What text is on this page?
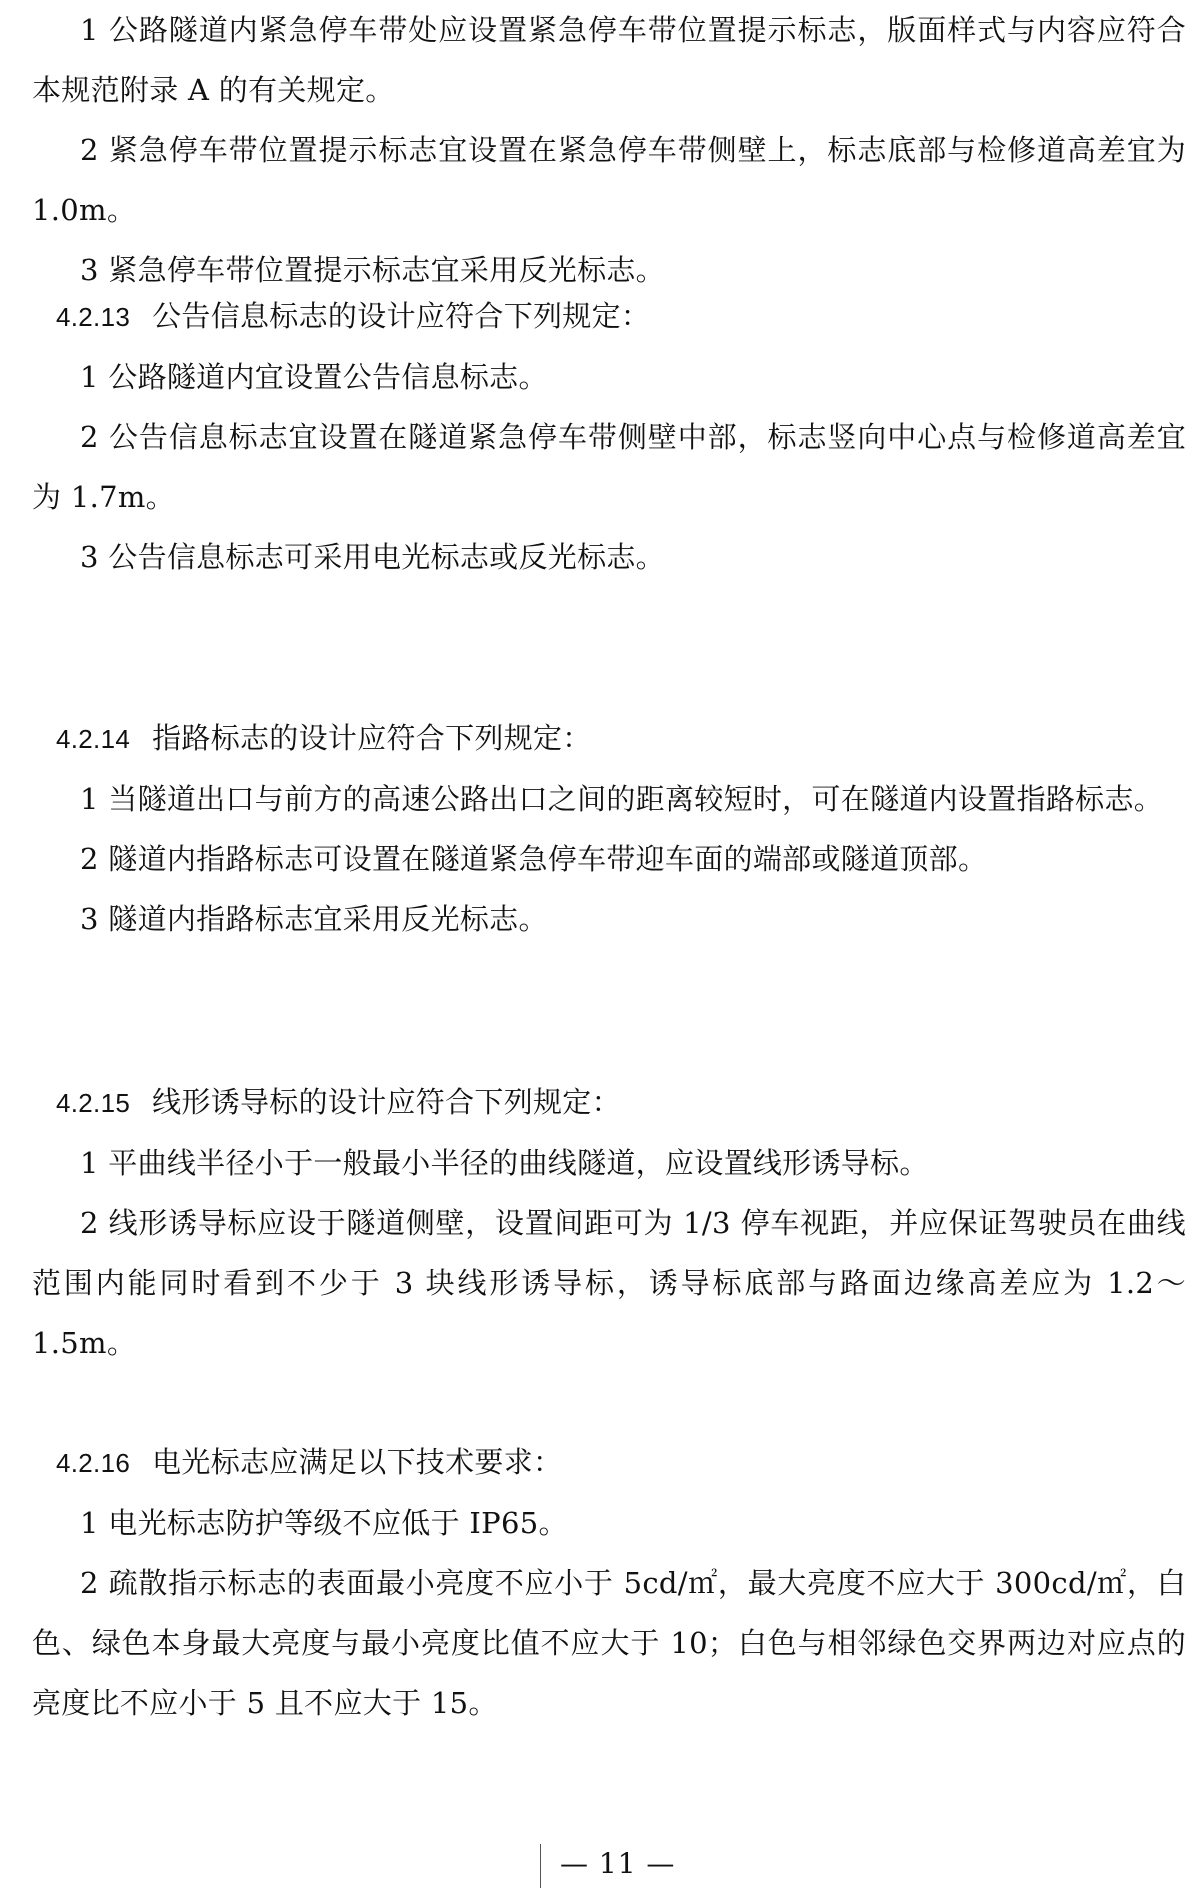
1 公路隧道内紧急停车带处应设置紧急停车带位置提示标志，版面样式与内容应符合本规范附录 A 的有关规定。

2 紧急停车带位置提示标志宜设置在紧急停车带侧壁上，标志底部与检修道高差宜为 1.0m。

3 紧急停车带位置提示标志宜采用反光标志。

4.2.13 公告信息标志的设计应符合下列规定：

1 公路隧道内宜设置公告信息标志。

2 公告信息标志宜设置在隧道紧急停车带侧壁中部，标志竖向中心点与检修道高差宜为 1.7m。

3 公告信息标志可采用电光标志或反光标志。

4.2.14 指路标志的设计应符合下列规定：

1 当隧道出口与前方的高速公路出口之间的距离较短时，可在隧道内设置指路标志。

2 隧道内指路标志可设置在隧道紧急停车带迎车面的端部或隧道顶部。

3 隧道内指路标志宜采用反光标志。

4.2.15 线形诱导标的设计应符合下列规定：

1 平曲线半径小于一般最小半径的曲线隧道，应设置线形诱导标。

2 线形诱导标应设于隧道侧壁，设置间距可为 1/3 停车视距，并应保证驾驶员在曲线范围内能同时看到不少于 3 块线形诱导标，诱导标底部与路面边缘高差应为 1.2～1.5m。

4.2.16 电光标志应满足以下技术要求：

1 电光标志防护等级不应低于 IP65。

2 疏散指示标志的表面最小亮度不应小于 5cd/㎡，最大亮度不应大于 300cd/㎡，白色、绿色本身最大亮度与最小亮度比值不应大于 10；白色与相邻绿色交界两边对应点的亮度比不应小于 5 且不应大于 15。

— 11 —
